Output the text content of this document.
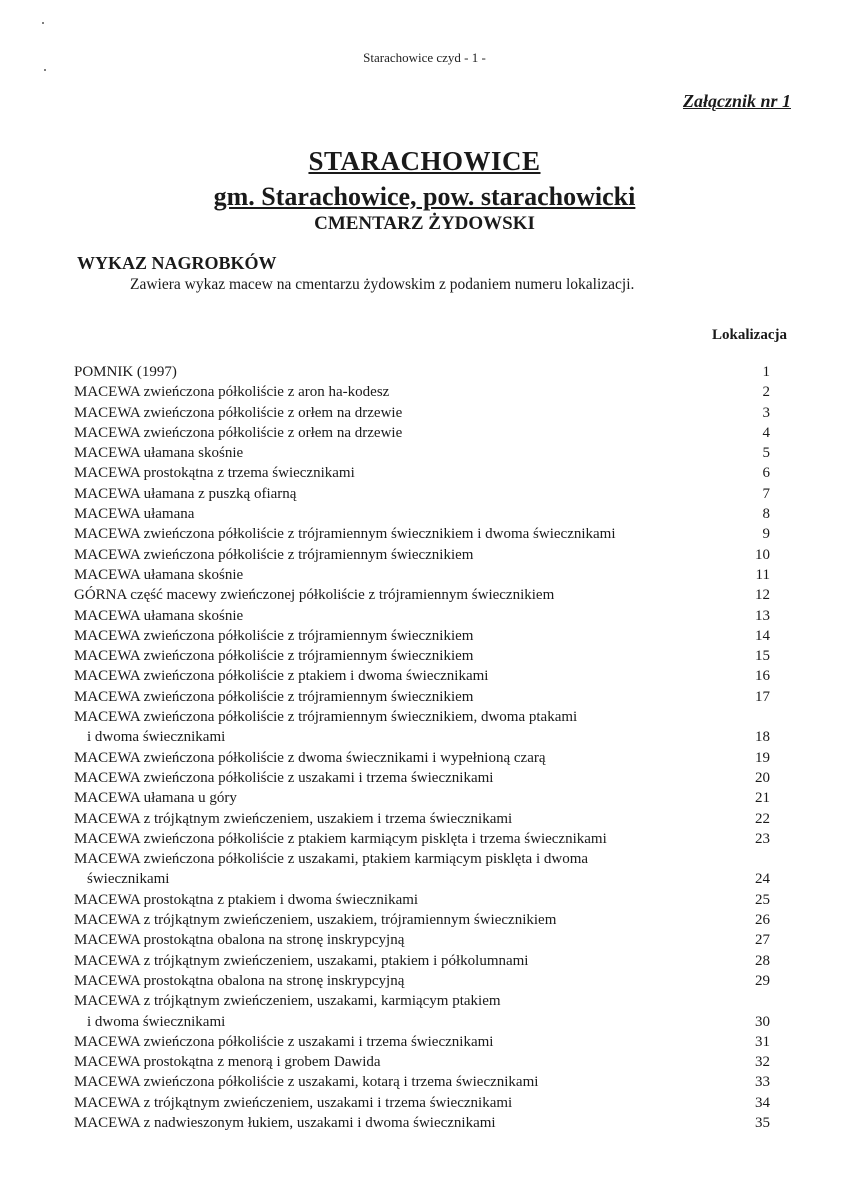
Starachowice czyd - 1 -
Załącznik nr 1
STARACHOWICE
gm. Starachowice, pow. starachowicki
CMENTARZ ŻYDOWSKI
WYKAZ NAGROBKÓW
Zawiera wykaz macew na cmentarzu żydowskim z podaniem numeru lokalizacji.
Lokalizacja
POMNIK (1997)	1
MACEWA zwieńczona półkoliście z aron ha-kodesz	2
MACEWA zwieńczona półkoliście z orłem na drzewie	3
MACEWA zwieńczona półkoliście z orłem na drzewie	4
MACEWA ułamana skośnie	5
MACEWA prostokątna z trzema świecznikami	6
MACEWA ułamana z puszką ofiarną	7
MACEWA ułamana	8
MACEWA zwieńczona półkoliście z trójramiennym świecznikiem i dwoma świecznikami	9
MACEWA zwieńczona półkoliście z trójramiennym świecznikiem	10
MACEWA ułamana skośnie	11
GÓRNA część macewy zwieńczonej półkoliście z trójramiennym świecznikiem	12
MACEWA ułamana skośnie	13
MACEWA zwieńczona półkoliście z trójramiennym świecznikiem	14
MACEWA zwieńczona półkoliście z trójramiennym świecznikiem	15
MACEWA zwieńczona półkoliście z ptakiem i dwoma świecznikami	16
MACEWA zwieńczona półkoliście z trójramiennym świecznikiem	17
MACEWA zwieńczona półkoliście z trójramiennym świecznikiem, dwoma ptakami
i dwoma świecznikami	18
MACEWA zwieńczona półkoliście z dwoma świecznikami i wypełnioną czarą	19
MACEWA zwieńczona półkoliście z uszakami i trzema świecznikami	20
MACEWA ułamana u góry	21
MACEWA z trójkątnym zwieńczeniem, uszakiem i trzema świecznikami	22
MACEWA zwieńczona półkoliście z ptakiem karmiącym pisklęta i trzema świecznikami	23
MACEWA zwieńczona półkoliście z uszakami, ptakiem karmiącym pisklęta i dwoma
świecznikami	24
MACEWA prostokątna z ptakiem i dwoma świecznikami	25
MACEWA z trójkątnym zwieńczeniem, uszakiem, trójramiennym świecznikiem	26
MACEWA prostokątna obalona na stronę inskrypcyjną	27
MACEWA z trójkątnym zwieńczeniem, uszakami, ptakiem i półkolumnami	28
MACEWA prostokątna obalona na stronę inskrypcyjną	29
MACEWA z trójkątnym zwieńczeniem, uszakami, karmiącym ptakiem
i dwoma świecznikami	30
MACEWA zwieńczona półkoliście z uszakami i trzema świecznikami	31
MACEWA prostokątna z menorą i grobem Dawida	32
MACEWA zwieńczona półkoliście z uszakami, kotarą i trzema świecznikami	33
MACEWA z trójkątnym zwieńczeniem, uszakami i trzema świecznikami	34
MACEWA z nadwieszonym łukiem, uszakami i dwoma świecznikami	35
